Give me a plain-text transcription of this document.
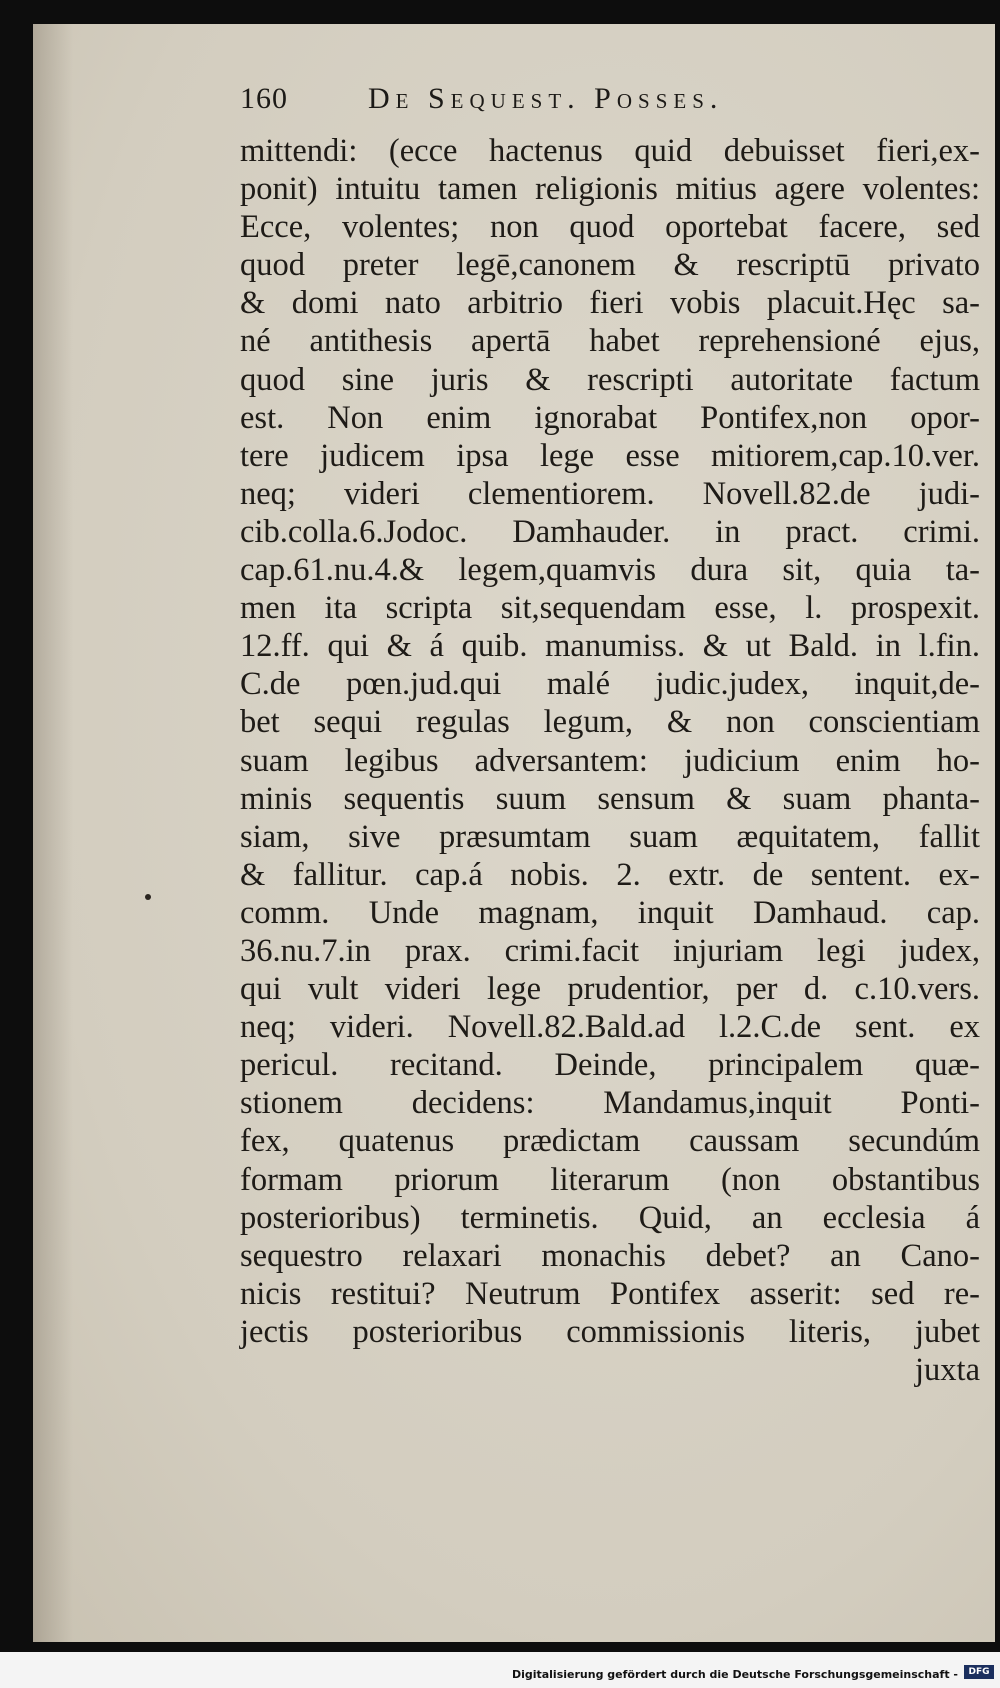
160	De Sequest. Posses.
mittendi: (ecce hactenus quid debuisset fieri,ex-
ponit) intuitu tamen religionis mitius agere volentes:
Ecce, volentes; non quod oportebat facere, sed
quod preter legē,canonem & rescriptū privato
& domi nato arbitrio fieri vobis placuit.Hęc sa-
né antithesis apertā habet reprehensioné ejus,
quod sine juris & rescripti autoritate factum
est. Non enim ignorabat Pontifex,non opor-
tere judicem ipsa lege esse mitiorem,cap.10.ver.
neq; videri clementiorem. Novell.82.de judi-
cib.colla.6.Jodoc. Damhauder. in pract. crimi.
cap.61.nu.4.& legem,quamvis dura sit, quia ta-
men ita scripta sit,sequendam esse, l. prospexit.
12.ff. qui & á quib. manumiss. & ut Bald. in l.fin.
C.de pœn.jud.qui malé judic.judex, inquit,de-
bet sequi regulas legum, & non conscientiam
suam legibus adversantem: judicium enim ho-
minis sequentis suum sensum & suam phanta-
siam, sive præsumtam suam æquitatem, fallit
& fallitur. cap.á nobis. 2. extr. de sentent. ex-
comm. Unde magnam, inquit Damhaud. cap.
36.nu.7.in prax. crimi.facit injuriam legi judex,
qui vult videri lege prudentior, per d. c.10.vers.
neq; videri. Novell.82.Bald.ad l.2.C.de sent. ex
pericul. recitand. Deinde, principalem quæ-
stionem decidens: Mandamus,inquit Ponti-
fex, quatenus prædictam caussam secundúm
formam priorum literarum (non obstantibus
posterioribus) terminetis. Quid, an ecclesia á
sequestro relaxari monachis debet? an Cano-
nicis restitui? Neutrum Pontifex asserit: sed re-
jectis posterioribus commissionis literis, jubet
juxta
Digitalisierung gefördert durch die Deutsche Forschungsgemeinschaft -	DFG
